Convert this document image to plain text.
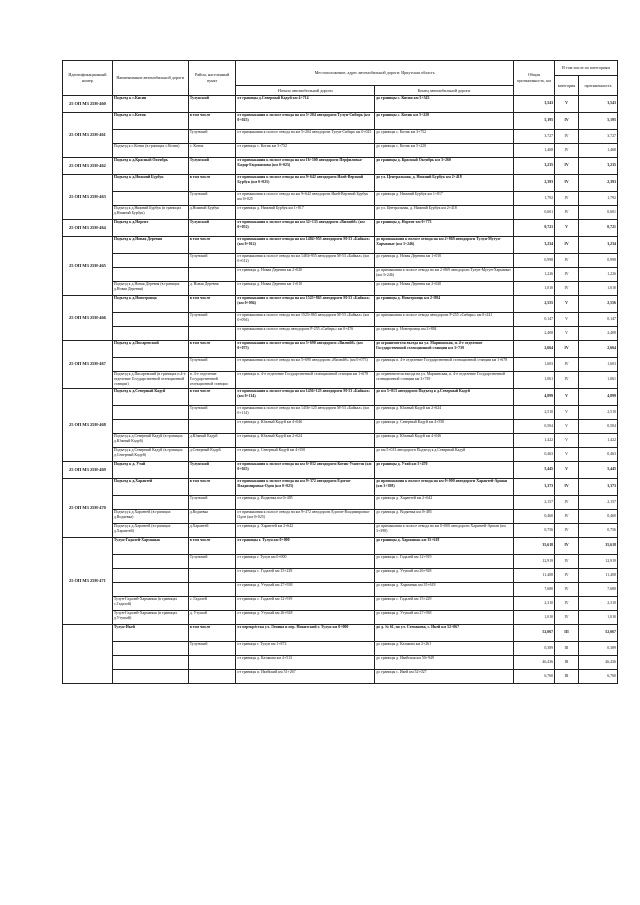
Идентификационный номер	Наименование автомобильной дороги	Район, населенный пункт	Местоположение, адрес автомобильной дороги: Иркутская область		Общая протяженность, км	В том числе по категориям	
						категория	протяженность
			Начало автомобильной дороги	Конец автомобильной дороги			
25 ОП МЗ 25Н-460	Подъезд к с.Кисин	Тулунский	от границы д.Северный Кадуй км 4+714	до границы с. Кисин км 5+543	3,543	V	3,543
25 ОП МЗ 25Н-461	Подъезд к с.Котик	в том числе	от примыкания к полосе отвода на км 5+204 автодороги Тулун-Сибирь (км 0+025)	до границы с. Котик км 5+220	5,195	IV	5,195
		Тулунский	от примыкания к полосе отвода на км 5+204 автодороги Тулун-Сибирь км 0+025	до границы с. Котик км 3+752	3,727	IV	3,727
	Подъезд к с.Котик (в границах с.Котик)	с. Котик	от границы с. Котик км 3+752	до границы с. Котик км 5+220	1,468	IV	1,468
25 ОП МЗ 25Н-462	Подъезд к д.Красный Октябрь	Тулунский	от примыкания к полосе отвода на км 16+500 автодороги Перфиловка-Бадар-Евдокимова (км 0+025)	до границы д. Красный Октябрь км 3+260	3,235	IV	3,235
25 ОП МЗ 25Н-463	Подъезд к д.Нижний Бурбук	в том числе	от примыкания к полосе отвода на км 9+642 автодороги Икей-Верхний Бурбук (км 0+025)	до ул. Центральная, д. Нижний Бурбук км 2+418	2,393	IV	2,393
		Тулунский	от примыкания к полосе отвода на км 9+642 автодороги Икей-Верхний Бурбук км 0+025	до границы д. Нижний Бурбук км 1+817	1,792	IV	1,792
	Подъезд к д.Нижний Бурбук (в границах д.Нижний Бурбук)	д.Нижний Бурбук	от границы д. Нижний Бурбук км 1+817	до ул. Центральная, д. Нижний Бурбук км 2+418	0,601	IV	0,601
25 ОП МЗ 25Н-464	Подъезд к д.Норгит	Тулунский	от примыкания к полосе отвода на км 32+133 автодороги «Вилюйб» (км 0+052)	до границы д. Норгит км 0+773	0,721	V	0,721
25 ОП МЗ 25Н-465	Подъезд к д.Новая Деревня	в том числе	от примыкания к полосе отвода на км 1484+955 автодороги М-53 «Байкал» (км 0+012)	до примыкания к полосе отвода на км 2+869 автодороги Тулун-Мугун-Харманыт (км 3+246)	3,234	IV	3,234
		Тулунский	от примыкания к полосе отвода на км 1484+955 автодороги М-53 «Байкал» (км 0+012)	до границы д. Новая Деревня км 1+010	0,998	IV	0,998
			от границы д. Новая Деревня км 2+020	до примыкания к полосе отвода на км 2+869 автодороги Тулун-Мугун-Харманыт (км 3+246)	1,226	IV	1,226
	Подъезд к д.Новая Деревня (в границах д.Новая Деревня)	д. Новая Деревня	от границы д. Новая Деревня км 1+010	до границы д. Новая Деревня км 2+020	1,010	IV	1,010
25 ОП МЗ 25Н-466	Подъезд к д.Новотроицк	в том числе	от примыкания к полосе отвода на км 1525+865 автодороги М-53 «Байкал» (км 0+094)	до границы д. Новотроицк км 2+884	2,555	V	2,556
		Тулунский	от примыкания к полосе отвода на км 1525+865 автодороги М-53 «Байкал» (км 0+094)	до примыкания к полосе отвода автодороги Р-255 «Сибирь» км 0+241	0,147	V	0,147
			от примыкания к полосе отвода автодороги Р-255 «Сибирь» км 0+476	до границы д. Новотроицк км 2+884	2,408	V	2,408
25 ОП МЗ 25Н-467	Подъезд к д.Писаревский	в том числе	от примыкания к полосе отвода на км 5+690 автодороги «Вилюйб» (км 0+075)	до ограничителя въезда на ул. Мариинская, п. 4-е отделение Государственной селекционной станции км 3+739	2,664	IV	2,664
		Тулунский	от примыкания к полосе отвода на км 5+690 автодороги «Вилюйб» (км 0+075)	до границы п. 4-е отделение Государственной селекционной станции км 1+678	1,603	IV	1,603
	Подъезд к д.Писаревский (в границах п.4-е отделение Государственной селекционной станции)	п. 4-е отделение Государственной селекционной станции	от границы п. 4-е отделение Государственной селекционной станции км 1+678	до ограничителя въезда на ул. Мариинская, п. 4-е отделение Государственной селекционной станции км 3+739	1,061	IV	1,061
25 ОП МЗ 25Н-468	Подъезд к д.Северный Кадуй	в том числе	от примыкания к полосе отвода на км 1456+125 автодороги М-53 «Байкал» (км 0+114)	до км 5+013 автодороги Подъезд к д.Северный Кадуй	4,899	V	4,899
		Тулунский	от примыкания к полосе отвода на км 1456+125 автодороги М-53 «Байкал» (км 0+114)	до границы д. Южный Кадуй км 2+624	2,510	V	2,510
			от границы д. Южный Кадуй км 4+046	до границы д. Северный Кадуй км 4+550	0,504	V	0,504
	Подъезд к д.Северный Кадуй (в границах д.Южный Кадуй)	д.Южный Кадуй	от границы д. Южный Кадуй км 2+624	до границы д. Южный Кадуй км 4+046	1,422	V	1,422
	Подъезд к д.Северный Кадуй (в границах д.Северный Кадуй)	д.Северный Кадуй	от границы д. Северный Кадуй км 4+550	до км 5+013 автодороги Подъезд к д.Северный Кадуй	0,463	V	0,463
25 ОП МЗ 25Н-469	Подъезд к д. Утай	Тулунский	от примыкания к полосе отвода на км 6+832 автодороги Котик-Уматгэн (км 0+025)	до границы д. Утай км 5+470	5,445	V	5,445
25 ОП МЗ 25Н-470	Подъезд к д.Харантей	в том числе	от примыкания к полосе отвода на км 9+372 автодороги Едогон-Владимировка-Одон (км 0+025)	до примыкания к полосе отвода на км 0+000 автодороги Харантей-Аршан (км 3+398)	3,373	IV	3,373
		Тулунский	от границы д. Водяевка км 0+485	до границы д. Харантей км 2+642	2,157	IV	2,157
	Подъезд к д.Харантей (в границах д.Водяевка)	д.Водяевка	от примыкания к полосе отвода на км 9+372 автодороги Едогон-Владимировка-Одон (км 0+025)	до границы д. Водяевка км 0+485	0,460	IV	0,460
	Подъезд к д.Харантей (в границах д.Харантей)	д.Харантей	от границы д. Харантей км 2+642	до примыкания к полосе отвода на км 0+000 автодороги Харантей-Аршан (км 3+398)	0,756	IV	0,756
25 ОП МЗ 25Н-471	Тулун-Гадалей-Харманык	в том числе	от границы г. Тулун км 0+000	до границы д. Харманык км 35+618	35,618	IV	35,618
		Тулунский	от границы г. Тулун км 0+000	до границы с. Гадалей км 12+919	12,919	IV	12,919
			от границы с. Гадалей км 15+229	до границы д. Утушай км 26+928	11,408	IV	11,408
			от границы д. Утушай км 27+938	до границы д. Харманык км 35+618	7,680	IV	7,680
	Тулун-Гадалей-Харманык (в границах с.Гадалей)	с. Гадалей	от границы с. Гадалей км 12+919	до границы с. Гадалей км 15+229	2,310	IV	2,310
	Тулун-Гадалей-Харманык (в границах д.Утушай)	д. Утушай	от границы д. Утушай км 26+928	до границы д. Утушай км 27+938	1,010	IV	1,010
	Тулун-Икей	в том числе	от перекрёстка ул. Ленина и пер. Никитский г. Тулун км 0+000	до д. № 61, по ул. Степанова, с. Икей км 52+067	52,067	III	52,067
		Тулунский	от границы г. Тулун км 1+872	до границы д. Казакова км 2+261	0,389	III	0,389
			от границы д. Казакова км 4+513	до границы д. Икейская км 50+949	46,436	III	46,436
			от границы п. Икейский км 51+267	до границы с. Икей км 52+027	6,760	III	6,760
